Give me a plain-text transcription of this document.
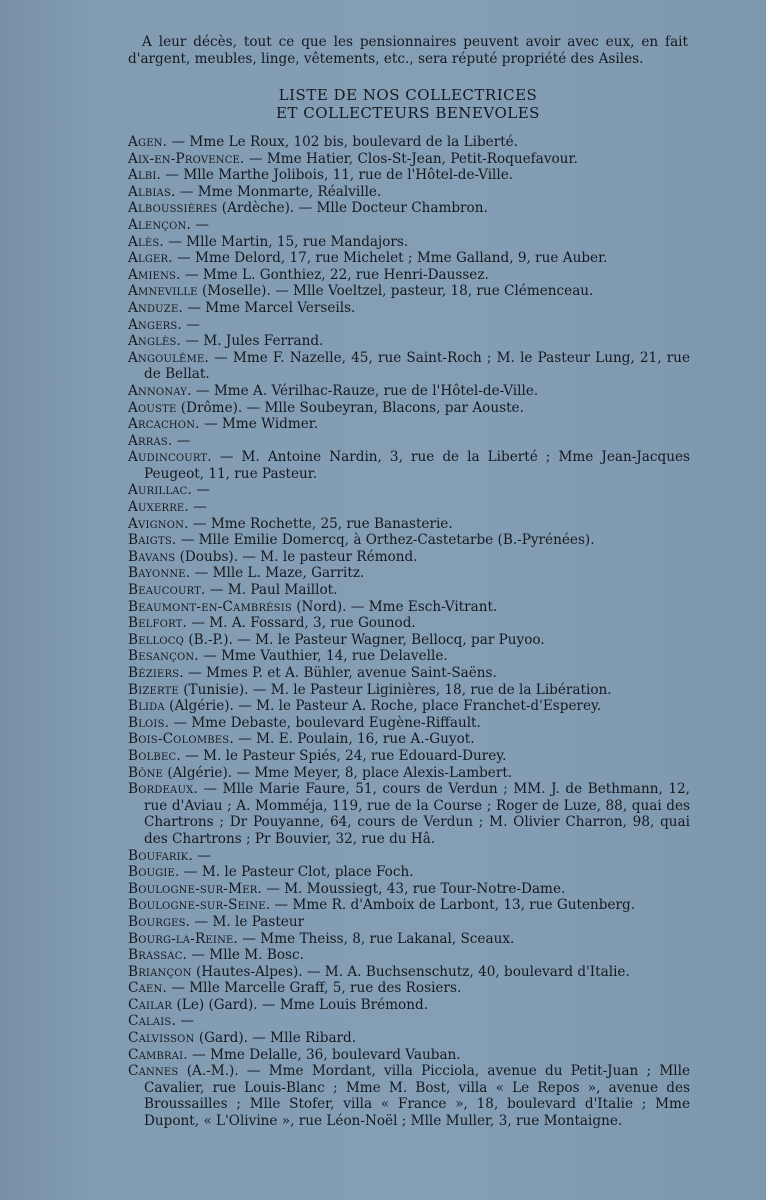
A leur décès, tout ce que les pensionnaires peuvent avoir avec eux, en fait d'argent, meubles, linge, vêtements, etc., sera réputé propriété des Asiles.

LISTE DE NOS COLLECTRICES
ET COLLECTEURS BENEVOLES
Agen. — Mme Le Roux, 102 bis, boulevard de la Liberté.
Aix-en-Provence. — Mme Hatier, Clos-St-Jean, Petit-Roquefavour.
Albi. — Mlle Marthe Jolibois, 11, rue de l'Hôtel-de-Ville.
Albias. — Mme Monmarte, Réalville.
Alboussières (Ardèche). — Mlle Docteur Chambron.
Alençon. —
Alès. — Mlle Martin, 15, rue Mandajors.
Alger. — Mme Delord, 17, rue Michelet ; Mme Galland, 9, rue Auber.
Amiens. — Mme L. Gonthiez, 22, rue Henri-Daussez.
Amneville (Moselle). — Mlle Voeltzel, pasteur, 18, rue Clémenceau.
Anduze. — Mme Marcel Verseils.
Angers. —
Anglès. — M. Jules Ferrand.
Angoulême. — Mme F. Nazelle, 45, rue Saint-Roch ; M. le Pasteur Lung, 21, rue de Bellat.
Annonay. — Mme A. Vérilhac-Rauze, rue de l'Hôtel-de-Ville.
Aouste (Drôme). — Mlle Soubeyran, Blacons, par Aouste.
Arcachon. — Mme Widmer.
Arras. —
Audincourt. — M. Antoine Nardin, 3, rue de la Liberté ; Mme Jean-Jacques Peugeot, 11, rue Pasteur.
Aurillac. —
Auxerre. —
Avignon. — Mme Rochette, 25, rue Banasterie.
Baigts. — Mlle Emilie Domercq, à Orthez-Castetarbe (B.-Pyrénées).
Bavans (Doubs). — M. le pasteur Rémond.
Bayonne. — Mlle L. Maze, Garritz.
Beaucourt. — M. Paul Maillot.
Beaumont-en-Cambrésis (Nord). — Mme Esch-Vitrant.
Belfort. — M. A. Fossard, 3, rue Gounod.
Bellocq (B.-P.). — M. le Pasteur Wagner, Bellocq, par Puyoo.
Besançon. — Mme Vauthier, 14, rue Delavelle.
Béziers. — Mmes P. et A. Bühler, avenue Saint-Saëns.
Bizerte (Tunisie). — M. le Pasteur Liginières, 18, rue de la Libération.
Blida (Algérie). — M. le Pasteur A. Roche, place Franchet-d'Esperey.
Blois. — Mme Debaste, boulevard Eugène-Riffault.
Bois-Colombes. — M. E. Poulain, 16, rue A.-Guyot.
Bolbec. — M. le Pasteur Spiés, 24, rue Edouard-Durey.
Bône (Algérie). — Mme Meyer, 8, place Alexis-Lambert.
Bordeaux. — Mlle Marie Faure, 51, cours de Verdun ; MM. J. de Bethmann, 12, rue d'Aviau ; A. Momméja, 119, rue de la Course ; Roger de Luze, 88, quai des Chartrons ; Dr Pouyanne, 64, cours de Verdun ; M. Olivier Charron, 98, quai des Chartrons ; Pr Bouvier, 32, rue du Hâ.
Boufarik. —
Bougie. — M. le Pasteur Clot, place Foch.
Boulogne-sur-Mer. — M. Moussiegt, 43, rue Tour-Notre-Dame.
Boulogne-sur-Seine. — Mme R. d'Amboix de Larbont, 13, rue Gutenberg.
Bourges. — M. le Pasteur
Bourg-la-Reine. — Mme Theiss, 8, rue Lakanal, Sceaux.
Brassac. — Mlle M. Bosc.
Briançon (Hautes-Alpes). — M. A. Buchsenschutz, 40, boulevard d'Italie.
Caen. — Mlle Marcelle Graff, 5, rue des Rosiers.
Cailar (Le) (Gard). — Mme Louis Brémond.
Calais. —
Calvisson (Gard). — Mlle Ribard.
Cambrai. — Mme Delalle, 36, boulevard Vauban.
Cannes (A.-M.). — Mme Mordant, villa Picciola, avenue du Petit-Juan ; Mlle Cavalier, rue Louis-Blanc ; Mme M. Bost, villa « Le Repos », avenue des Broussailles ; Mlle Stofer, villa « France », 18, boulevard d'Italie ; Mme Dupont, « L'Olivine », rue Léon-Noël ; Mlle Muller, 3, rue Montaigne.
